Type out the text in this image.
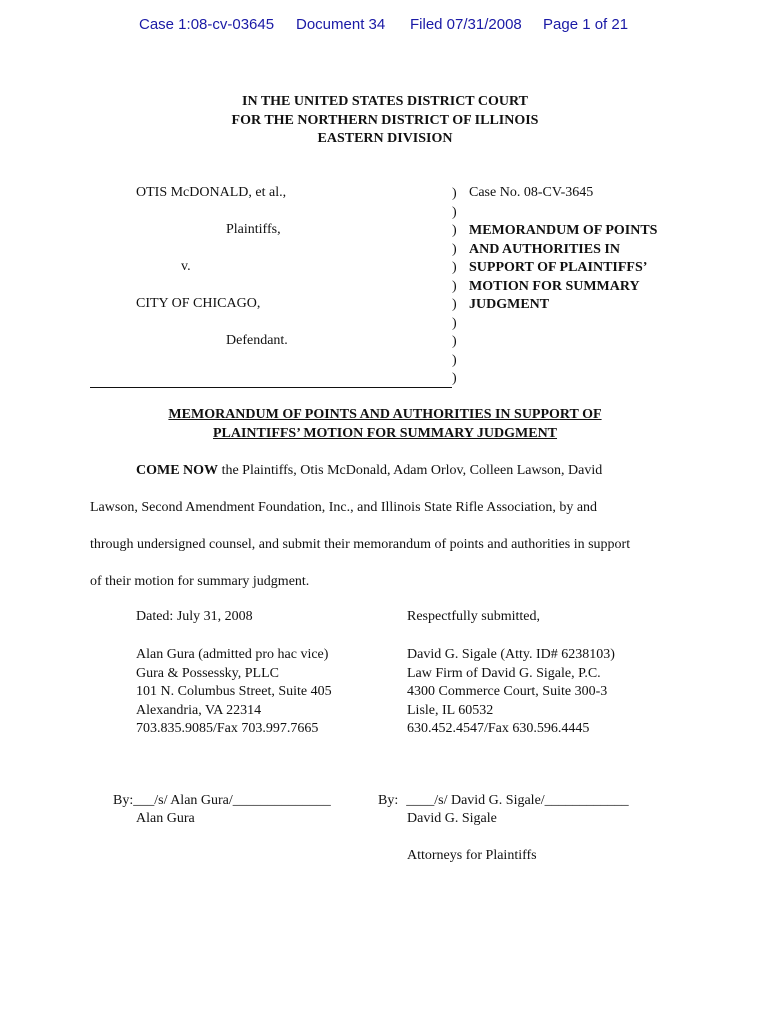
Case 1:08-cv-03645 Document 34 Filed 07/31/2008 Page 1 of 21
IN THE UNITED STATES DISTRICT COURT
FOR THE NORTHERN DISTRICT OF ILLINOIS
EASTERN DIVISION
OTIS McDONALD, et al.,
Plaintiffs,
v.
CITY OF CHICAGO,
Defendant.
)
)
)
)
)
)
)
)
)
)
)
Case No. 08-CV-3645
MEMORANDUM OF POINTS
AND AUTHORITIES IN
SUPPORT OF PLAINTIFFS’
MOTION FOR SUMMARY
JUDGMENT
MEMORANDUM OF POINTS AND AUTHORITIES IN SUPPORT OF
PLAINTIFFS’ MOTION FOR SUMMARY JUDGMENT
COME NOW the Plaintiffs, Otis McDonald, Adam Orlov, Colleen Lawson, David
Lawson, Second Amendment Foundation, Inc., and Illinois State Rifle Association, by and
through undersigned counsel, and submit their memorandum of points and authorities in support
of their motion for summary judgment.
Dated: July 31, 2008	Respectfully submitted,
Alan Gura (admitted pro hac vice)
Gura & Possessky, PLLC
101 N. Columbus Street, Suite 405
Alexandria, VA 22314
703.835.9085/Fax 703.997.7665
David G. Sigale (Atty. ID# 6238103)
Law Firm of David G. Sigale, P.C.
4300 Commerce Court, Suite 300-3
Lisle, IL 60532
630.452.4547/Fax 630.596.4445
By:___/s/ Alan Gura/______________
Alan Gura
By: ____/s/ David G. Sigale/____________
David G. Sigale
Attorneys for Plaintiffs
